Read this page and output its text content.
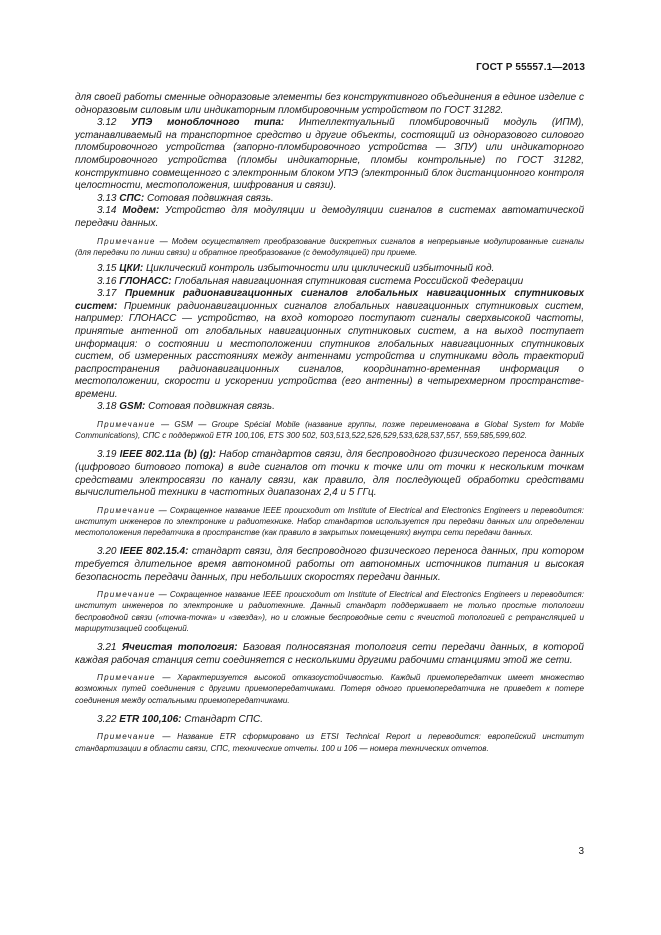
ГОСТ Р 55557.1—2013

для своей работы сменные одноразовые элементы без конструктивного объединения в единое изделие с одноразовым силовым или индикаторным пломбировочным устройством по ГОСТ 31282.

3.12 УПЭ моноблочного типа: Интеллектуальный пломбировочный модуль (ИПМ), устанавливаемый на транспортное средство и другие объекты, состоящий из одноразового силового пломбировочного устройства (запорно-пломбировочного устройства — ЗПУ) или индикаторного пломбировочного устройства (пломбы индикаторные, пломбы контрольные) по ГОСТ 31282, конструктивно совмещенного с электронным блоком УПЭ (электронный блок дистанционного контроля целостности, местоположения, шифрования и связи).

3.13 СПС: Сотовая подвижная связь.

3.14 Модем: Устройство для модуляции и демодуляции сигналов в системах автоматической передачи данных.

Примечание — Модем осуществляет преобразование дискретных сигналов в непрерывные модулированные сигналы (для передачи по линии связи) и обратное преобразование (с демодуляцией) при приеме.

3.15 ЦКИ: Циклический контроль избыточности или циклический избыточный код.

3.16 ГЛОНАСС: Глобальная навигационная спутниковая система Российской Федерации

3.17 Приемник радионавигационных сигналов глобальных навигационных спутниковых систем: Приемник радионавигационных сигналов глобальных навигационных спутниковых систем, например: ГЛОНАСС — устройство, на вход которого поступают сигналы сверхвысокой частоты, принятые антенной от глобальных навигационных спутниковых систем, а на выход поступает информация: о состоянии и местоположении спутников глобальных навигационных спутниковых систем, об измеренных расстояниях между антеннами устройства и спутниками вдоль траекторий распространения радионавигационных сигналов, координатно-временная информация о местоположении, скорости и ускорении устройства (его антенны) в четырехмерном пространстве-времени.

3.18 GSM: Сотовая подвижная связь.

Примечание — GSM — Groupe Spécial Mobile (название группы, позже переименована в Global System for Mobile Communications), СПС с поддержкой ETR 100,106, ETS 300 502, 503,513,522,526,529,533,628,537,557, 559,585,599,602.

3.19 IEEE 802.11a (b) (g): Набор стандартов связи, для беспроводного физического переноса данных (цифрового битового потока) в виде сигналов от точки к точке или от точки к нескольким точкам средствами электросвязи по каналу связи, как правило, для последующей обработки средствами вычислительной техники в частотных диапазонах 2,4 и 5 ГГц.

Примечание — Сокращенное название IEEE происходит от Institute of Electrical and Electronics Engineers и переводится: институт инженеров по электронике и радиотехнике. Набор стандартов используется при передачи данных или определении местоположения передатчика в пространстве (как правило в закрытых помещениях) внутри сети передачи данных.

3.20 IEEE 802.15.4: стандарт связи, для беспроводного физического переноса данных, при котором требуется длительное время автономной работы от автономных источников питания и высокая безопасность передачи данных, при небольших скоростях передачи данных.

Примечание — Сокращенное название IEEE происходит от Institute of Electrical and Electronics Engineers и переводится: институт инженеров по электронике и радиотехнике. Данный стандарт поддерживает не только простые топологии беспроводной связи («точка-точка» и «звезда»), но и сложные беспроводные сети с ячеистой топологией с ретрансляцией и маршрутизацией сообщений.

3.21 Ячеистая топология: Базовая полносвязная топология сети передачи данных, в которой каждая рабочая станция сети соединяется с несколькими другими рабочими станциями этой же сети.

Примечание — Характеризуется высокой отказоустойчивостью. Каждый приемопередатчик имеет множество возможных путей соединения с другими приемопередатчиками. Потеря одного приемопередатчика не приведет к потере соединения между остальными приемопередатчиками.

3.22 ETR 100,106: Стандарт СПС.

Примечание — Название ETR сформировано из ETSI Technical Report и переводится: европейский институт стандартизации в области связи, СПС, технические отчеты. 100 и 106 — номера технических отчетов.

3
